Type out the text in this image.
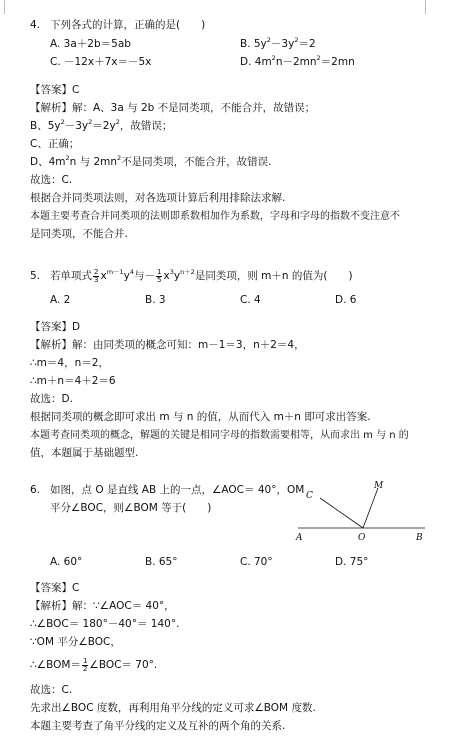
4. 下列各式的计算，正确的是(　　)
A. 3a＋2b＝5ab	B. $5y^2-3y^2=2$
C. －12x＋7x＝－5x	D. $4m^2n-2mn^2=2mn$
【答案】C
【解析】解：A、3a 与 2b 不是同类项，不能合并，故错误；
B、$5y^2-3y^2=2y^2$，故错误；
C、正确；
D、$4m^2n$ 与 $2mn^2$不是同类项，不能合并，故错误.
故选：C.
根据合并同类项法则，对各选项计算后利用排除法求解.
本题主要考查合并同类项的法则即系数相加作为系数，字母和字母的指数不变注意不
是同类项，不能合并.
5. 若单项式 $\frac{2}{3} x^{m-1}y^4$与－ $\frac{1}{5} x^3y^{n+2}$是同类项，则 m＋n 的值为(　　)
A. 2	B. 3	C. 4	D. 6
【答案】D
【解析】解：由同类项的概念可知：m－1＝3，n＋2＝4，
∴m＝4，n＝2，
∴m＋n＝4＋2＝6
故选：D.
根据同类项的概念即可求出 m 与 n 的值，从而代入 m＋n 即可求出答案.
本题考查同类项的概念，解题的关键是相同字母的指数需要相等，从而求出 m 与 n 的
值，本题属于基础题型.
6. 如图，点 O 是直线 AB 上的一点，∠AOC＝ 40°，OM
平分∠BOC，则∠BOM 等于(　　)
C
M
A	O	B
A. 60°	B. 65°	C. 70°	D. 75°
【答案】C
【解析】解：∵∠AOC＝ 40°，
∴∠BOC＝ 180°－40°＝ 140°.
∵OM 平分∠BOC，
∴∠BOM＝ $\frac{1}{2}$ ∠BOC＝ 70°.
故选：C.
先求出∠BOC 度数，再利用角平分线的定义可求∠BOM 度数.
本题主要考查了角平分线的定义及互补的两个角的关系.
